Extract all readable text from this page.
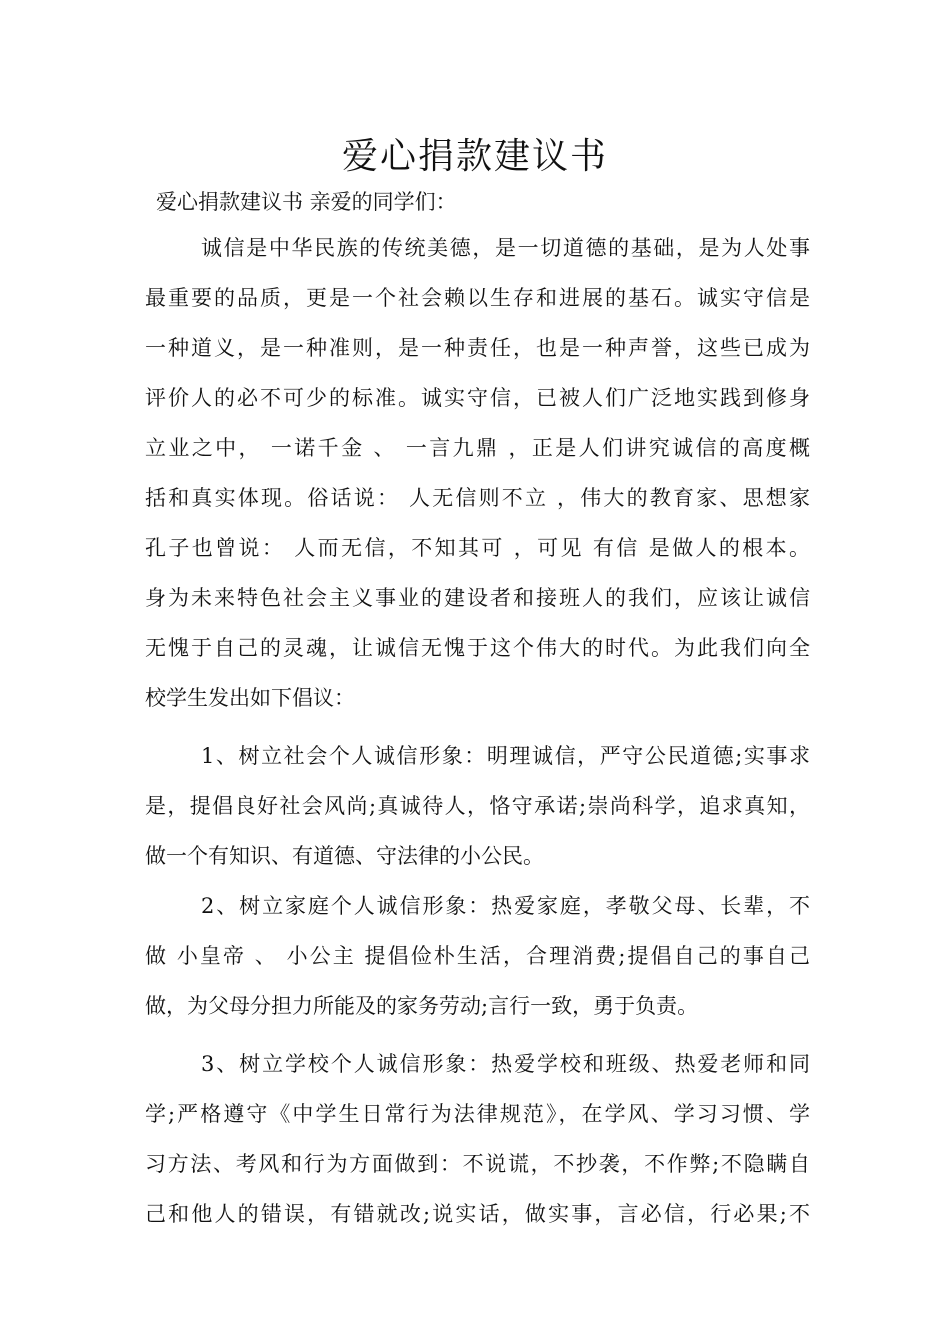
爱心捐款建议书

爱心捐款建议书 亲爱的同学们：

诚信是中华民族的传统美德，是一切道德的基础，是为人处事
最重要的品质，更是一个社会赖以生存和进展的基石。诚实守信是
一种道义，是一种准则，是一种责任，也是一种声誉，这些已成为
评价人的必不可少的标准。诚实守信，已被人们广泛地实践到修身
立业之中， 一诺千金 、 一言九鼎 ，正是人们讲究诚信的高度概
括和真实体现。俗话说： 人无信则不立 ，伟大的教育家、思想家
孔子也曾说： 人而无信，不知其可 ，可见 有信 是做人的根本。
身为未来特色社会主义事业的建设者和接班人的我们，应该让诚信
无愧于自己的灵魂，让诚信无愧于这个伟大的时代。为此我们向全
校学生发出如下倡议：
1、树立社会个人诚信形象：明理诚信，严守公民道德;实事求
是，提倡良好社会风尚;真诚待人，恪守承诺;崇尚科学，追求真知，
做一个有知识、有道德、守法律的小公民。
2、树立家庭个人诚信形象：热爱家庭，孝敬父母、长辈，不
做 小皇帝 、 小公主 提倡俭朴生活，合理消费;提倡自己的事自己
做，为父母分担力所能及的家务劳动;言行一致，勇于负责。
3、树立学校个人诚信形象：热爱学校和班级、热爱老师和同
学;严格遵守《中学生日常行为法律规范》，在学风、学习习惯、学
习方法、考风和行为方面做到：不说谎，不抄袭，不作弊;不隐瞒自
己和他人的错误，有错就改;说实话，做实事，言必信，行必果;不
